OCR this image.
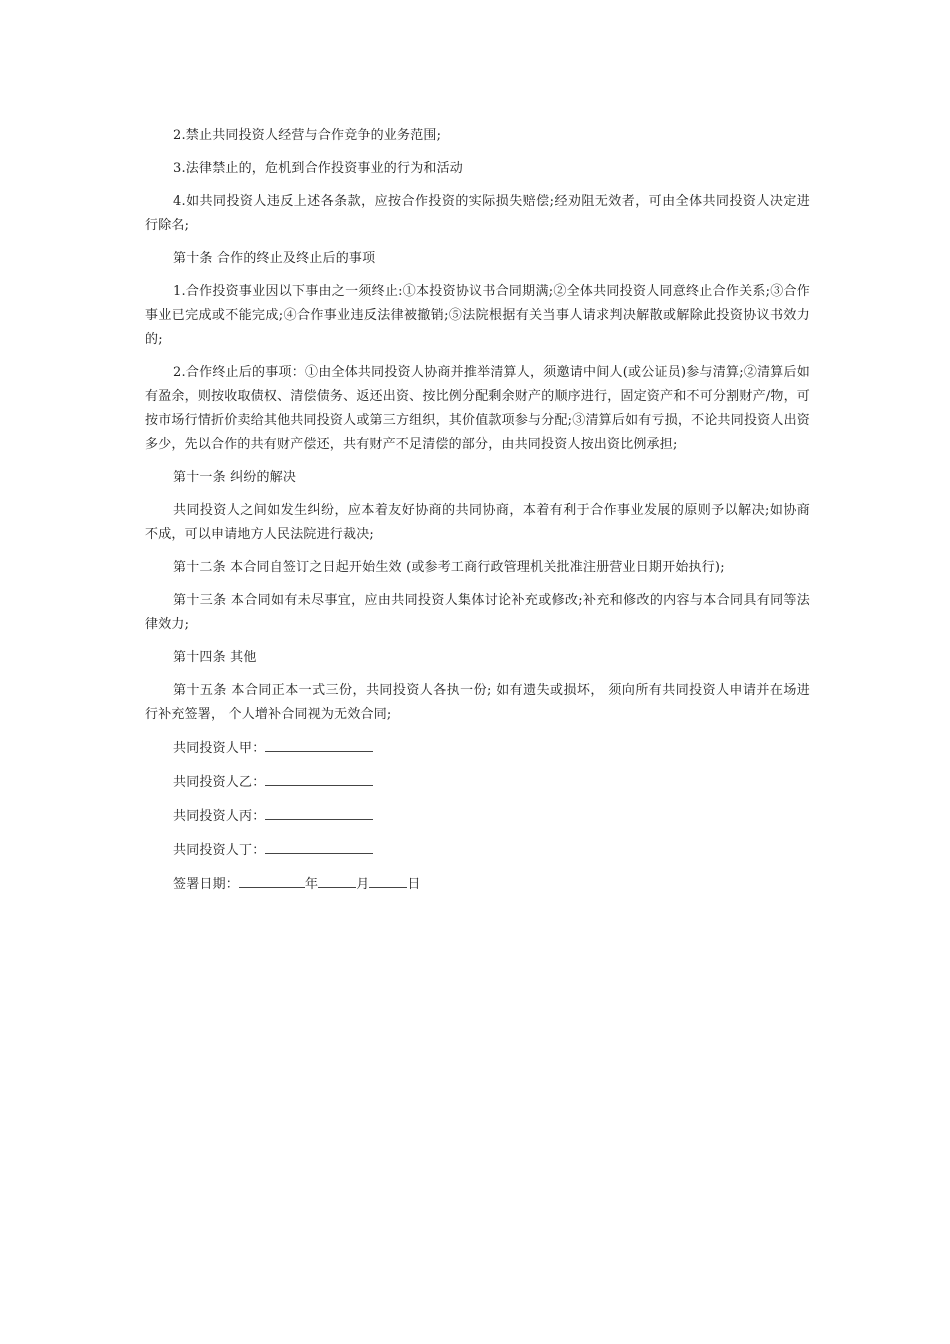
2.禁止共同投资人经营与合作竞争的业务范围;

3.法律禁止的，危机到合作投资事业的行为和活动

4.如共同投资人违反上述各条款，应按合作投资的实际损失赔偿;经劝阻无效者，可由全体共同投资人决定进行除名;

第十条 合作的终止及终止后的事项

1.合作投资事业因以下事由之一须终止:①本投资协议书合同期满;②全体共同投资人同意终止合作关系;③合作事业已完成或不能完成;④合作事业违反法律被撤销;⑤法院根据有关当事人请求判决解散或解除此投资协议书效力的;

2.合作终止后的事项：①由全体共同投资人协商并推举清算人，须邀请中间人(或公证员)参与清算;②清算后如有盈余，则按收取债权、清偿债务、返还出资、按比例分配剩余财产的顺序进行，固定资产和不可分割财产/物，可按市场行情折价卖给其他共同投资人或第三方组织，其价值款项参与分配;③清算后如有亏损，不论共同投资人出资多少，先以合作的共有财产偿还，共有财产不足清偿的部分，由共同投资人按出资比例承担;

第十一条 纠纷的解决

共同投资人之间如发生纠纷，应本着友好协商的共同协商，本着有利于合作事业发展的原则予以解决;如协商不成，可以申请地方人民法院进行裁决;

第十二条 本合同自签订之日起开始生效 (或参考工商行政管理机关批准注册营业日期开始执行);

第十三条 本合同如有未尽事宜，应由共同投资人集体讨论补充或修改;补充和修改的内容与本合同具有同等法律效力;

第十四条 其他

第十五条 本合同正本一式三份，共同投资人各执一份; 如有遗失或损坏， 须向所有共同投资人申请并在场进行补充签署， 个人增补合同视为无效合同;

共同投资人甲：
共同投资人乙：
共同投资人丙：
共同投资人丁：
签署日期：	年	月	日
